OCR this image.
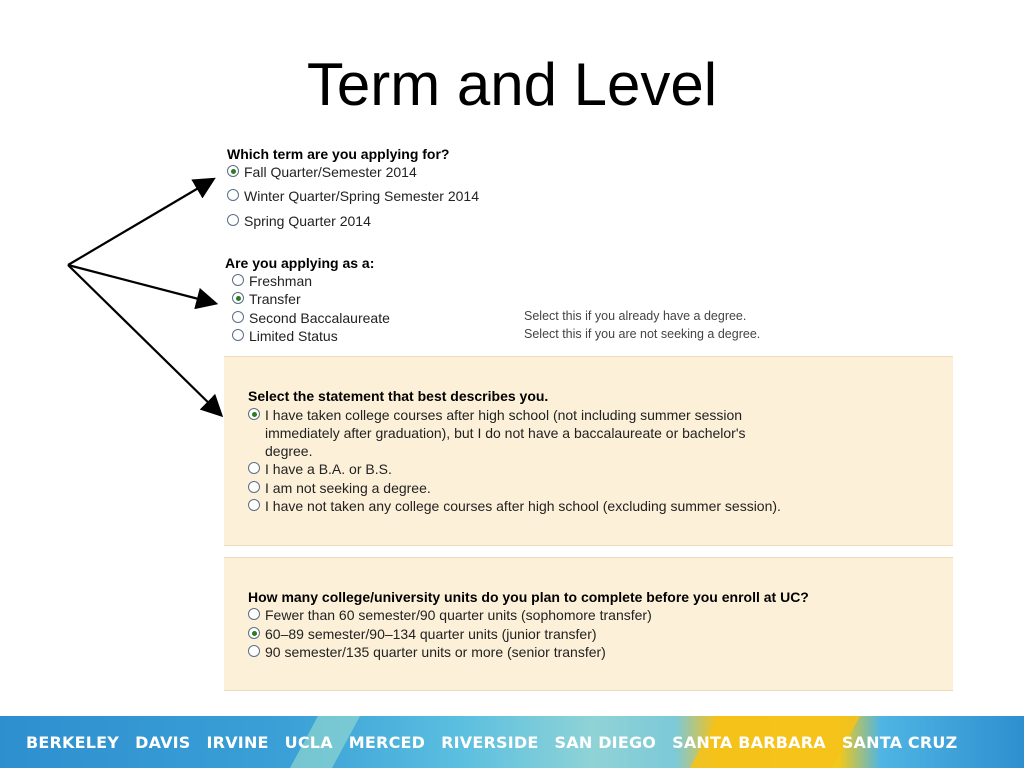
Term and Level
Which term are you applying for?
Fall Quarter/Semester 2014
Winter Quarter/Spring Semester 2014
Spring Quarter 2014
Are you applying as a:
Freshman
Transfer
Second Baccalaureate
Limited Status
Select this if you already have a degree.
Select this if you are not seeking a degree.
Select the statement that best describes you.
I have taken college courses after high school (not including summer session
immediately after graduation), but I do not have a baccalaureate or bachelor's
degree.
I have a B.A. or B.S.
I am not seeking a degree.
I have not taken any college courses after high school (excluding summer session).
How many college/university units do you plan to complete before you enroll at UC?
Fewer than 60 semester/90 quarter units (sophomore transfer)
60–89 semester/90–134 quarter units (junior transfer)
90 semester/135 quarter units or more (senior transfer)
BERKELEY DAVIS IRVINE UCLA MERCED RIVERSIDE SAN DIEGO SANTA BARBARA SANTA CRUZ
